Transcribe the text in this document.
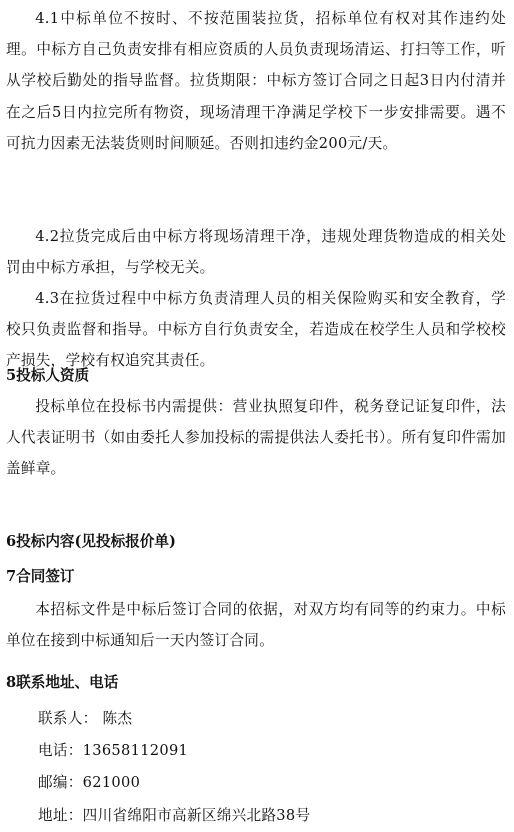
4.1中标单位不按时、不按范围装拉货，招标单位有权对其作违约处理。中标方自己负责安排有相应资质的人员负责现场清运、打扫等工作，听从学校后勤处的指导监督。拉货期限：中标方签订合同之日起3日内付清并在之后5日内拉完所有物资，现场清理干净满足学校下一步安排需要。遇不可抗力因素无法装货则时间顺延。否则扣违约金200元/天。

4.2拉货完成后由中标方将现场清理干净，违规处理货物造成的相关处罚由中标方承担，与学校无关。

4.3在拉货过程中中标方负责清理人员的相关保险购买和安全教育，学校只负责监督和指导。中标方自行负责安全，若造成在校学生人员和学校校产损失，学校有权追究其责任。

5投标人资质

投标单位在投标书内需提供：营业执照复印件，税务登记证复印件，法人代表证明书（如由委托人参加投标的需提供法人委托书）。所有复印件需加盖鲜章。

6投标内容(见投标报价单)

7合同签订

本招标文件是中标后签订合同的依据，对双方均有同等的约束力。中标单位在接到中标通知后一天内签订合同。

8联系地址、电话

联系人： 陈杰

电话：13658112091

邮编：621000

地址：四川省绵阳市高新区绵兴北路38号
